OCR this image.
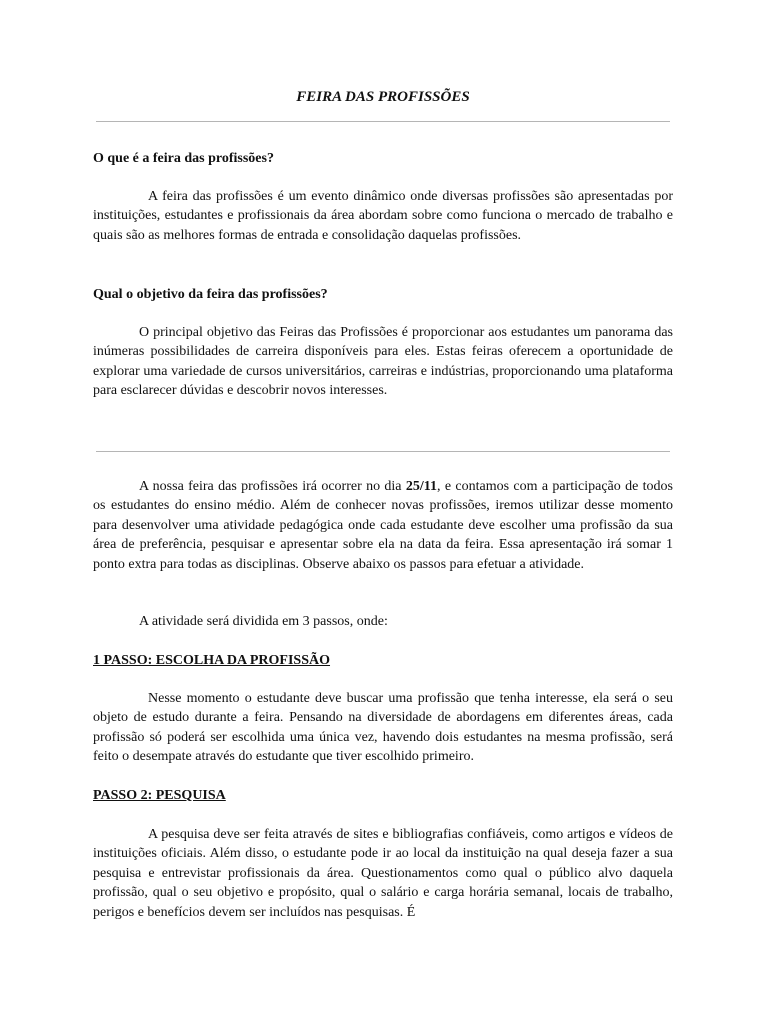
FEIRA DAS PROFISSÕES

O que é a feira das profissões?

A feira das profissões é um evento dinâmico onde diversas profissões são apresentadas por instituições, estudantes e profissionais da área abordam sobre como funciona o mercado de trabalho e quais são as melhores formas de entrada e consolidação daquelas profissões.

Qual o objetivo da feira das profissões?

O principal objetivo das Feiras das Profissões é proporcionar aos estudantes um panorama das inúmeras possibilidades de carreira disponíveis para eles. Estas feiras oferecem a oportunidade de explorar uma variedade de cursos universitários, carreiras e indústrias, proporcionando uma plataforma para esclarecer dúvidas e descobrir novos interesses.

A nossa feira das profissões irá ocorrer no dia 25/11, e contamos com a participação de todos os estudantes do ensino médio. Além de conhecer novas profissões, iremos utilizar desse momento para desenvolver uma atividade pedagógica onde cada estudante deve escolher uma profissão da sua área de preferência, pesquisar e apresentar sobre ela na data da feira. Essa apresentação irá somar 1 ponto extra para todas as disciplinas. Observe abaixo os passos para efetuar a atividade.

A atividade será dividida em 3 passos, onde:

1 PASSO: ESCOLHA DA PROFISSÃO

Nesse momento o estudante deve buscar uma profissão que tenha interesse, ela será o seu objeto de estudo durante a feira. Pensando na diversidade de abordagens em diferentes áreas, cada profissão só poderá ser escolhida uma única vez, havendo dois estudantes na mesma profissão, será feito o desempate através do estudante que tiver escolhido primeiro.

PASSO 2: PESQUISA

A pesquisa deve ser feita através de sites e bibliografias confiáveis, como artigos e vídeos de instituições oficiais. Além disso, o estudante pode ir ao local da instituição na qual deseja fazer a sua pesquisa e entrevistar profissionais da área. Questionamentos como qual o público alvo daquela profissão, qual o seu objetivo e propósito, qual o salário e carga horária semanal, locais de trabalho, perigos e benefícios devem ser incluídos nas pesquisas. É
